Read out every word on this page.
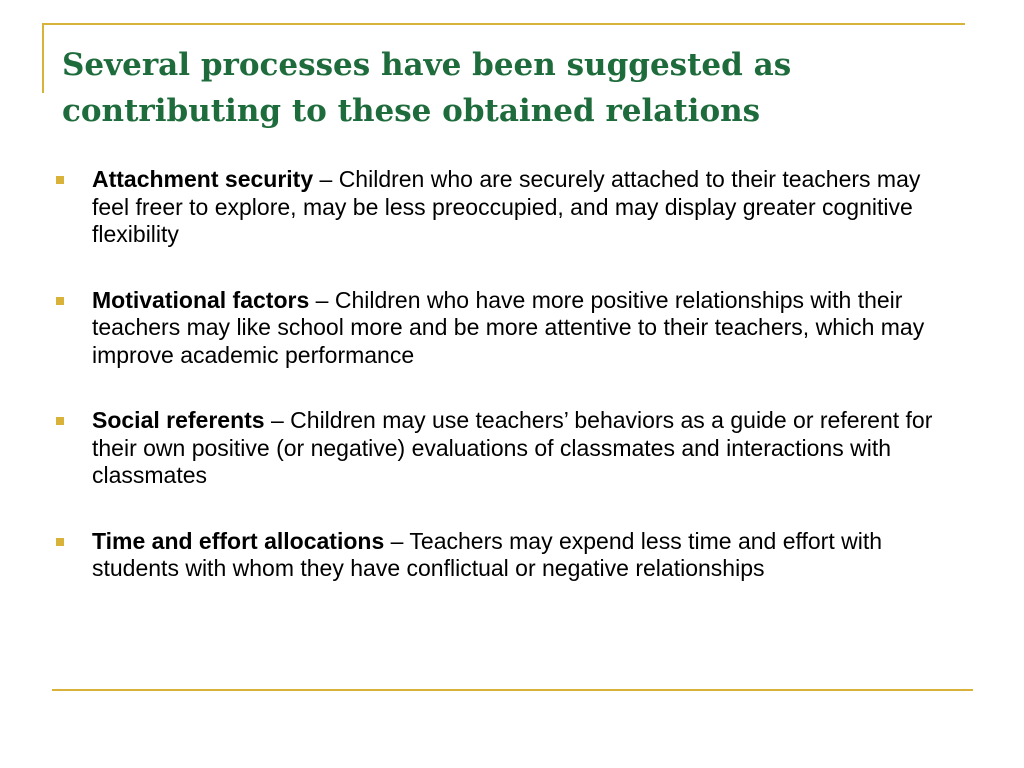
Several processes have been suggested as contributing to these obtained relations
Attachment security – Children who are securely attached to their teachers may feel freer to explore, may be less preoccupied, and may display greater cognitive flexibility
Motivational factors – Children who have more positive relationships with their teachers may like school more and be more attentive to their teachers, which may improve academic performance
Social referents – Children may use teachers’ behaviors as a guide or referent for their own positive (or negative) evaluations of classmates and interactions with classmates
Time and effort allocations – Teachers may expend less time and effort with students with whom they have conflictual or negative relationships
